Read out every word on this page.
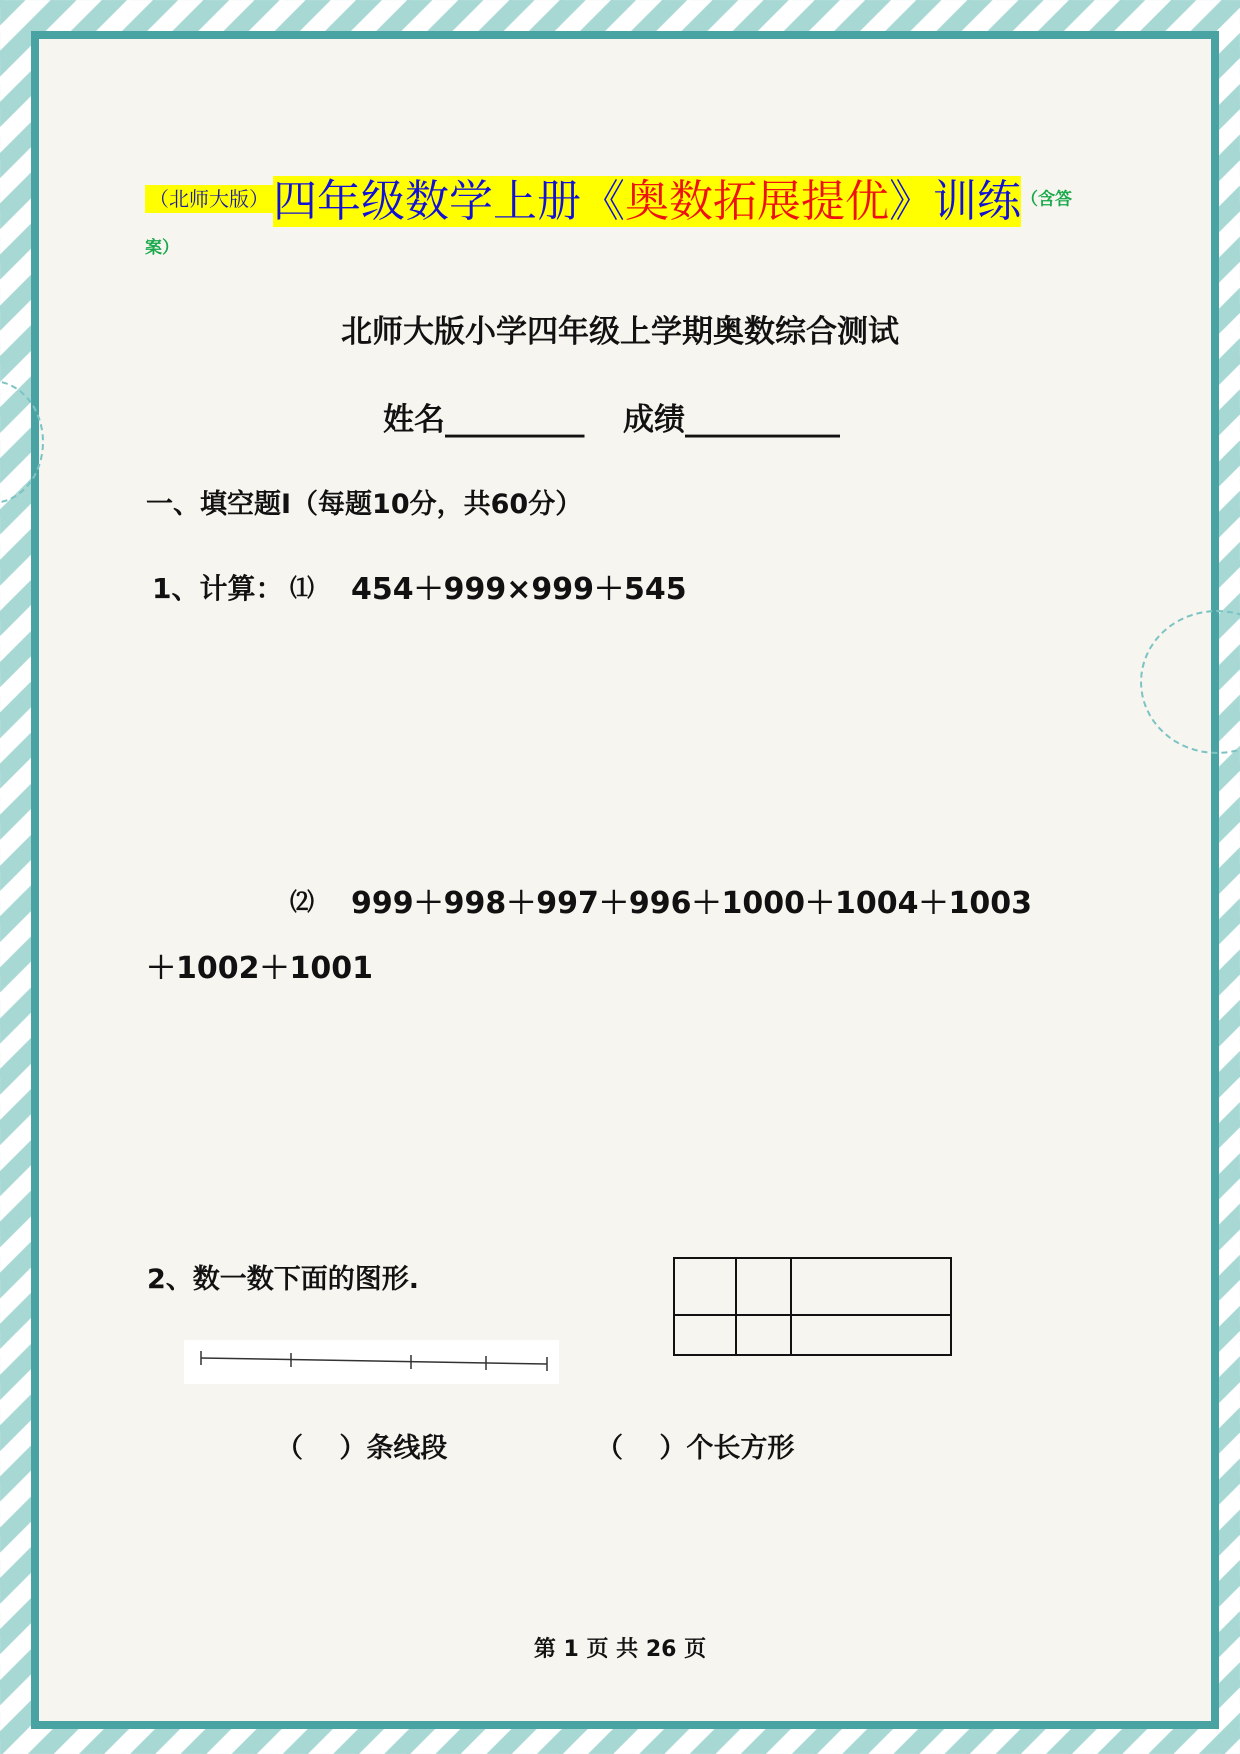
（北师大版）四年级数学上册《奥数拓展提优》训练（含答
案）
北师大版小学四年级上学期奥数综合测试
姓名_________ 成绩__________
一、填空题Ⅰ（每题10分，共60分）
1、计算： ⑴ 454＋999×999＋545
⑵ 999＋998＋997＋996＋1000＋1004＋1003
＋1002＋1001
2、数一数下面的图形.
（　 ）条线段	（　 ）个长方形
第 1 页 共 26 页
